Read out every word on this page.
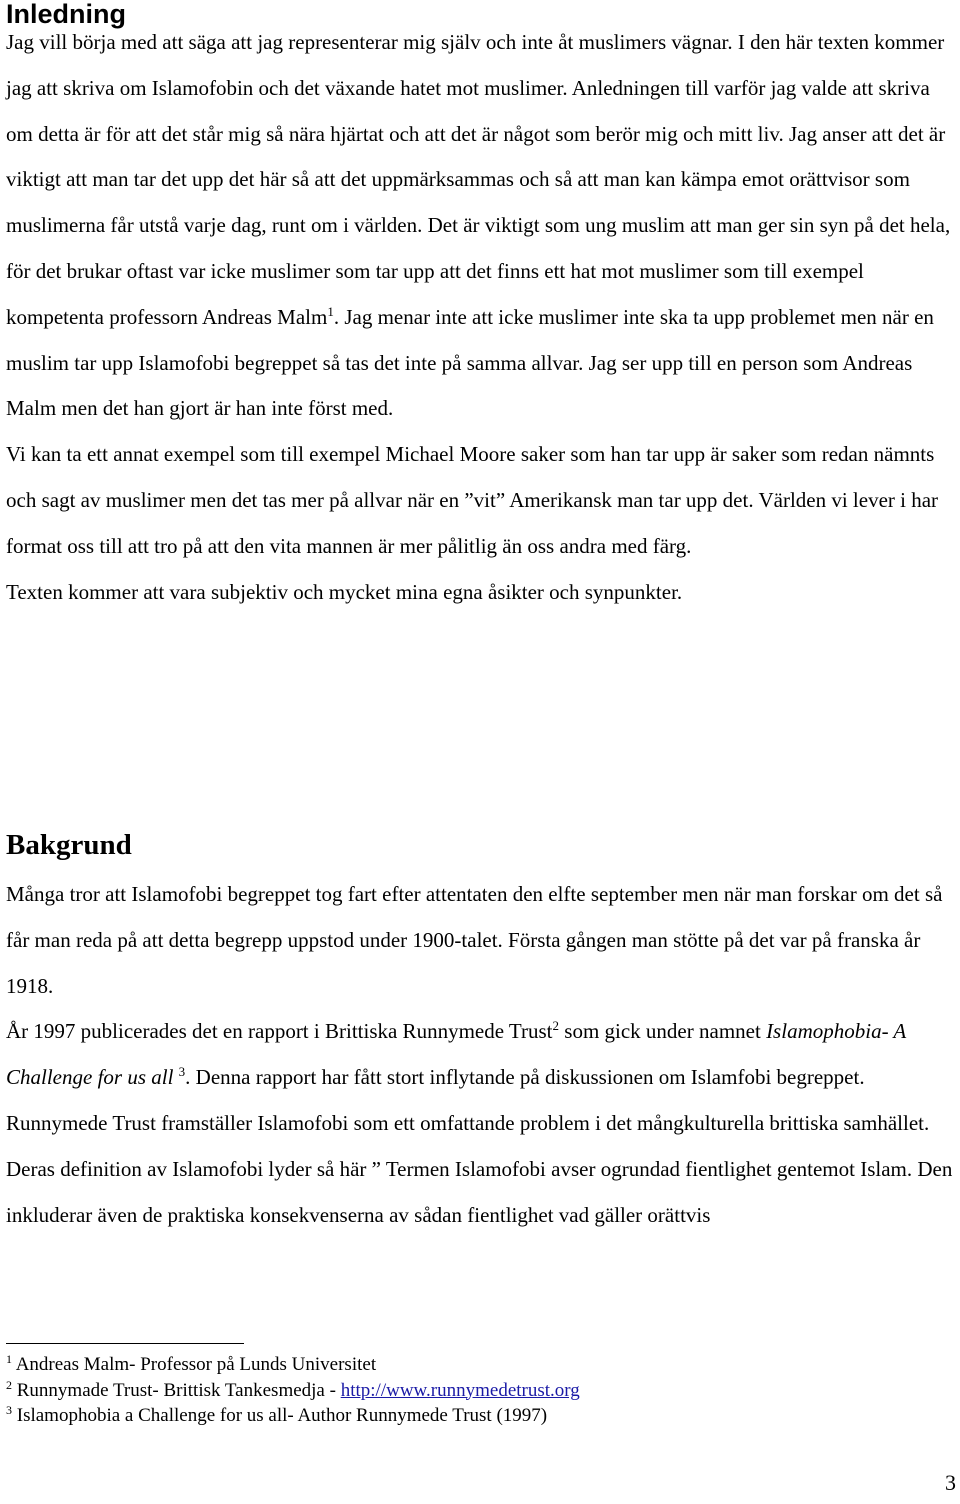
Inledning

Jag vill börja med att säga att jag representerar mig själv och inte åt muslimers vägnar. I den här texten kommer jag att skriva om Islamofobin och det växande hatet mot muslimer. Anledningen till varför jag valde att skriva om detta är för att det står mig så nära hjärtat och att det är något som berör mig och mitt liv. Jag anser att det är viktigt att man tar det upp det här så att det uppmärksammas och så att man kan kämpa emot orättvisor som muslimerna får utstå varje dag, runt om i världen. Det är viktigt som ung muslim att man ger sin syn på det hela, för det brukar oftast var icke muslimer som tar upp att det finns ett hat mot muslimer som till exempel kompetenta professorn Andreas Malm$^1$. Jag menar inte att icke muslimer inte ska ta upp problemet men när en muslim tar upp Islamofobi begreppet så tas det inte på samma allvar. Jag ser upp till en person som Andreas Malm men det han gjort är han inte först med.

Vi kan ta ett annat exempel som till exempel Michael Moore saker som han tar upp är saker som redan nämnts och sagt av muslimer men det tas mer på allvar när en ”vit” Amerikansk man tar upp det. Världen vi lever i har format oss till att tro på att den vita mannen är mer pålitlig än oss andra med färg.

Texten kommer att vara subjektiv och mycket mina egna åsikter och synpunkter.

Bakgrund

Många tror att Islamofobi begreppet tog fart efter attentaten den elfte september men när man forskar om det så får man reda på att detta begrepp uppstod under 1900-talet. Första gången man stötte på det var på franska år 1918.

År 1997 publicerades det en rapport i Brittiska Runnymede Trust$^2$ som gick under namnet Islamophobia- A Challenge for us all $^3$. Denna rapport har fått stort inflytande på diskussionen om Islamfobi begreppet. Runnymede Trust framställer Islamofobi som ett omfattande problem i det mångkulturella brittiska samhället. Deras definition av Islamofobi lyder så här ” Termen Islamofobi avser ogrundad fientlighet gentemot Islam. Den inkluderar även de praktiska konsekvenserna av sådan fientlighet vad gäller orättvis

$^1$ Andreas Malm- Professor på Lunds Universitet

$^2$ Runnymade Trust- Brittisk Tankesmedja - http://www.runnymedetrust.org

$^3$ Islamophobia a Challenge for us all- Author Runnymede Trust (1997)

3
